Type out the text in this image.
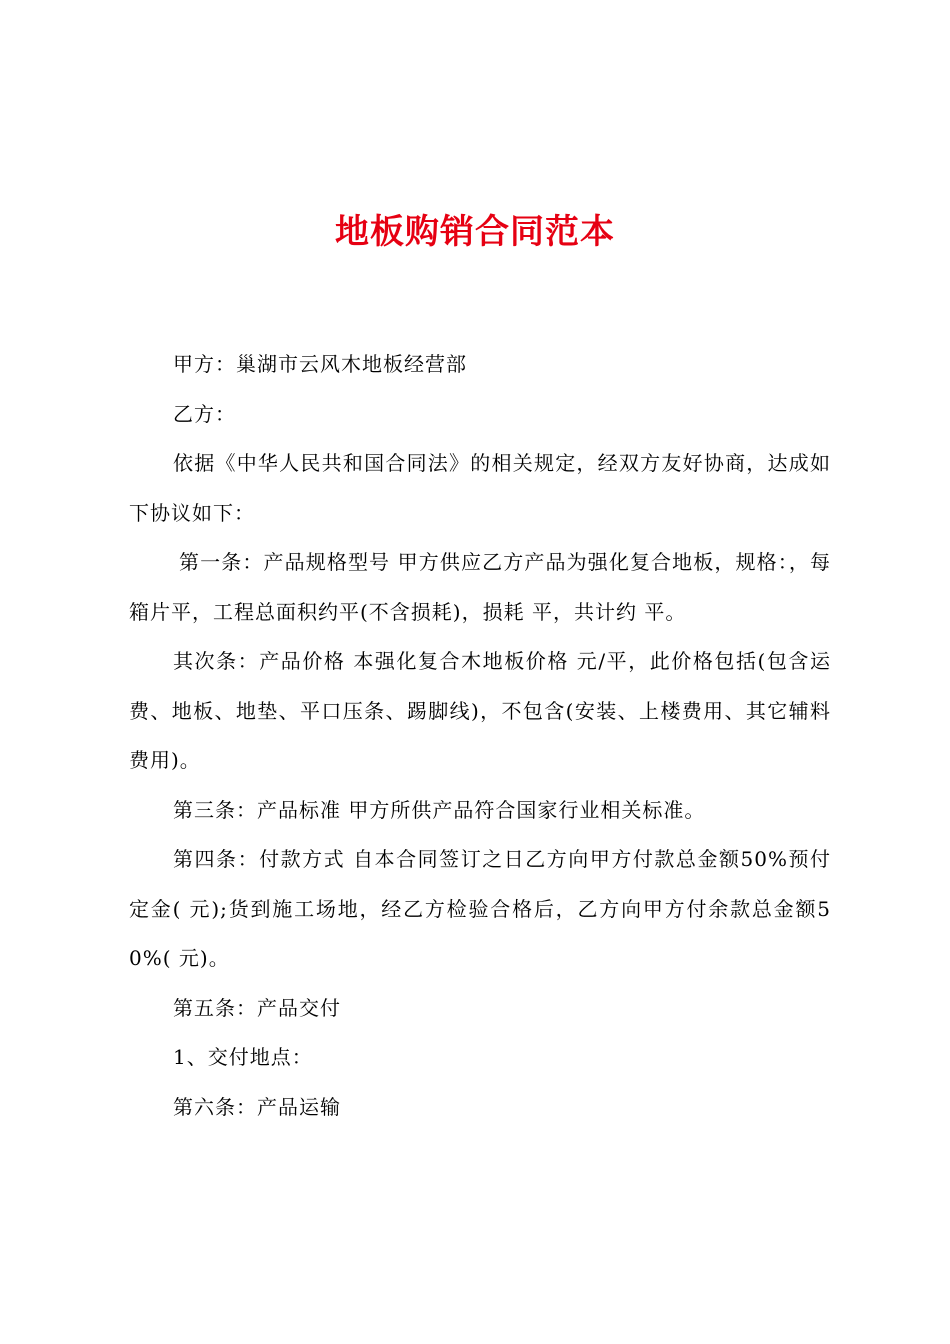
地板购销合同范本

甲方：巢湖市云风木地板经营部

乙方：

依据《中华人民共和国合同法》的相关规定，经双方友好协商，达成如下协议如下：

第一条：产品规格型号 甲方供应乙方产品为强化复合地板，规格：，每箱片平，工程总面积约平(不含损耗)，损耗 平，共计约 平。

其次条：产品价格 本强化复合木地板价格 元/平，此价格包括(包含运费、地板、地垫、平口压条、踢脚线)，不包含(安装、上楼费用、其它辅料费用)。

第三条：产品标准 甲方所供产品符合国家行业相关标准。

第四条：付款方式 自本合同签订之日乙方向甲方付款总金额50%预付定金( 元);货到施工场地，经乙方检验合格后，乙方向甲方付余款总金额50%( 元)。

第五条：产品交付

1、交付地点：

第六条：产品运输
